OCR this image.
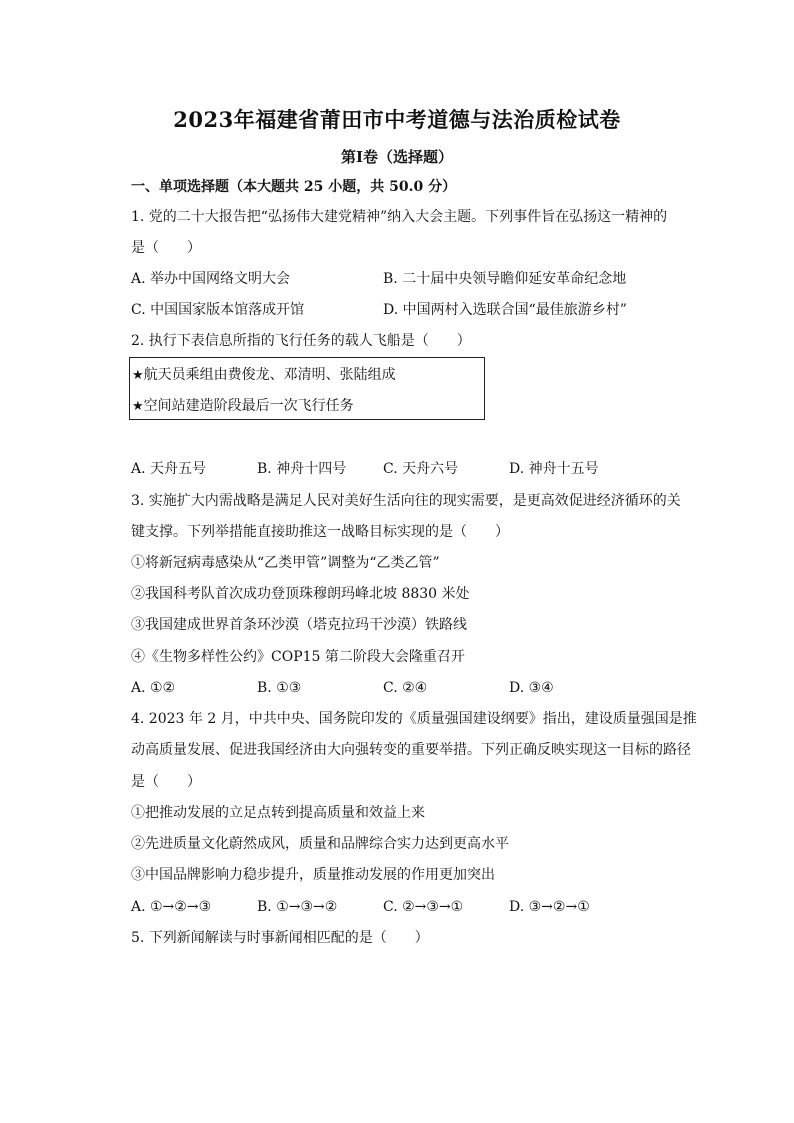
2023年福建省莆田市中考道德与法治质检试卷
第Ⅰ卷（选择题）
一、单项选择题（本大题共 25 小题，共 50.0 分）
1. 党的二十大报告把“弘扬伟大建党精神”纳入大会主题。下列事件旨在弘扬这一精神的
是（　　）
A. 举办中国网络文明大会	B. 二十届中央领导瞻仰延安革命纪念地
C. 中国国家版本馆落成开馆	D. 中国两村入选联合国“最佳旅游乡村”
2. 执行下表信息所指的飞行任务的载人飞船是（　　）
★航天员乘组由费俊龙、邓清明、张陆组成
★空间站建造阶段最后一次飞行任务
A. 天舟五号	B. 神舟十四号	C. 天舟六号	D. 神舟十五号
3. 实施扩大内需战略是满足人民对美好生活向往的现实需要，是更高效促进经济循环的关
键支撑。下列举措能直接助推这一战略目标实现的是（　　）
①将新冠病毒感染从“乙类甲管”调整为“乙类乙管”
②我国科考队首次成功登顶珠穆朗玛峰北坡 8830 米处
③我国建成世界首条环沙漠（塔克拉玛干沙漠）铁路线
④《生物多样性公约》COP15 第二阶段大会隆重召开
A. ①②	B. ①③	C. ②④	D. ③④
4. 2023 年 2 月，中共中央、国务院印发的《质量强国建设纲要》指出，建设质量强国是推
动高质量发展、促进我国经济由大向强转变的重要举措。下列正确反映实现这一目标的路径
是（　　）
①把推动发展的立足点转到提高质量和效益上来
②先进质量文化蔚然成风，质量和品牌综合实力达到更高水平
③中国品牌影响力稳步提升，质量推动发展的作用更加突出
A. ①→②→③	B. ①→③→②	C. ②→③→①	D. ③→②→①
5. 下列新闻解读与时事新闻相匹配的是（　　）
